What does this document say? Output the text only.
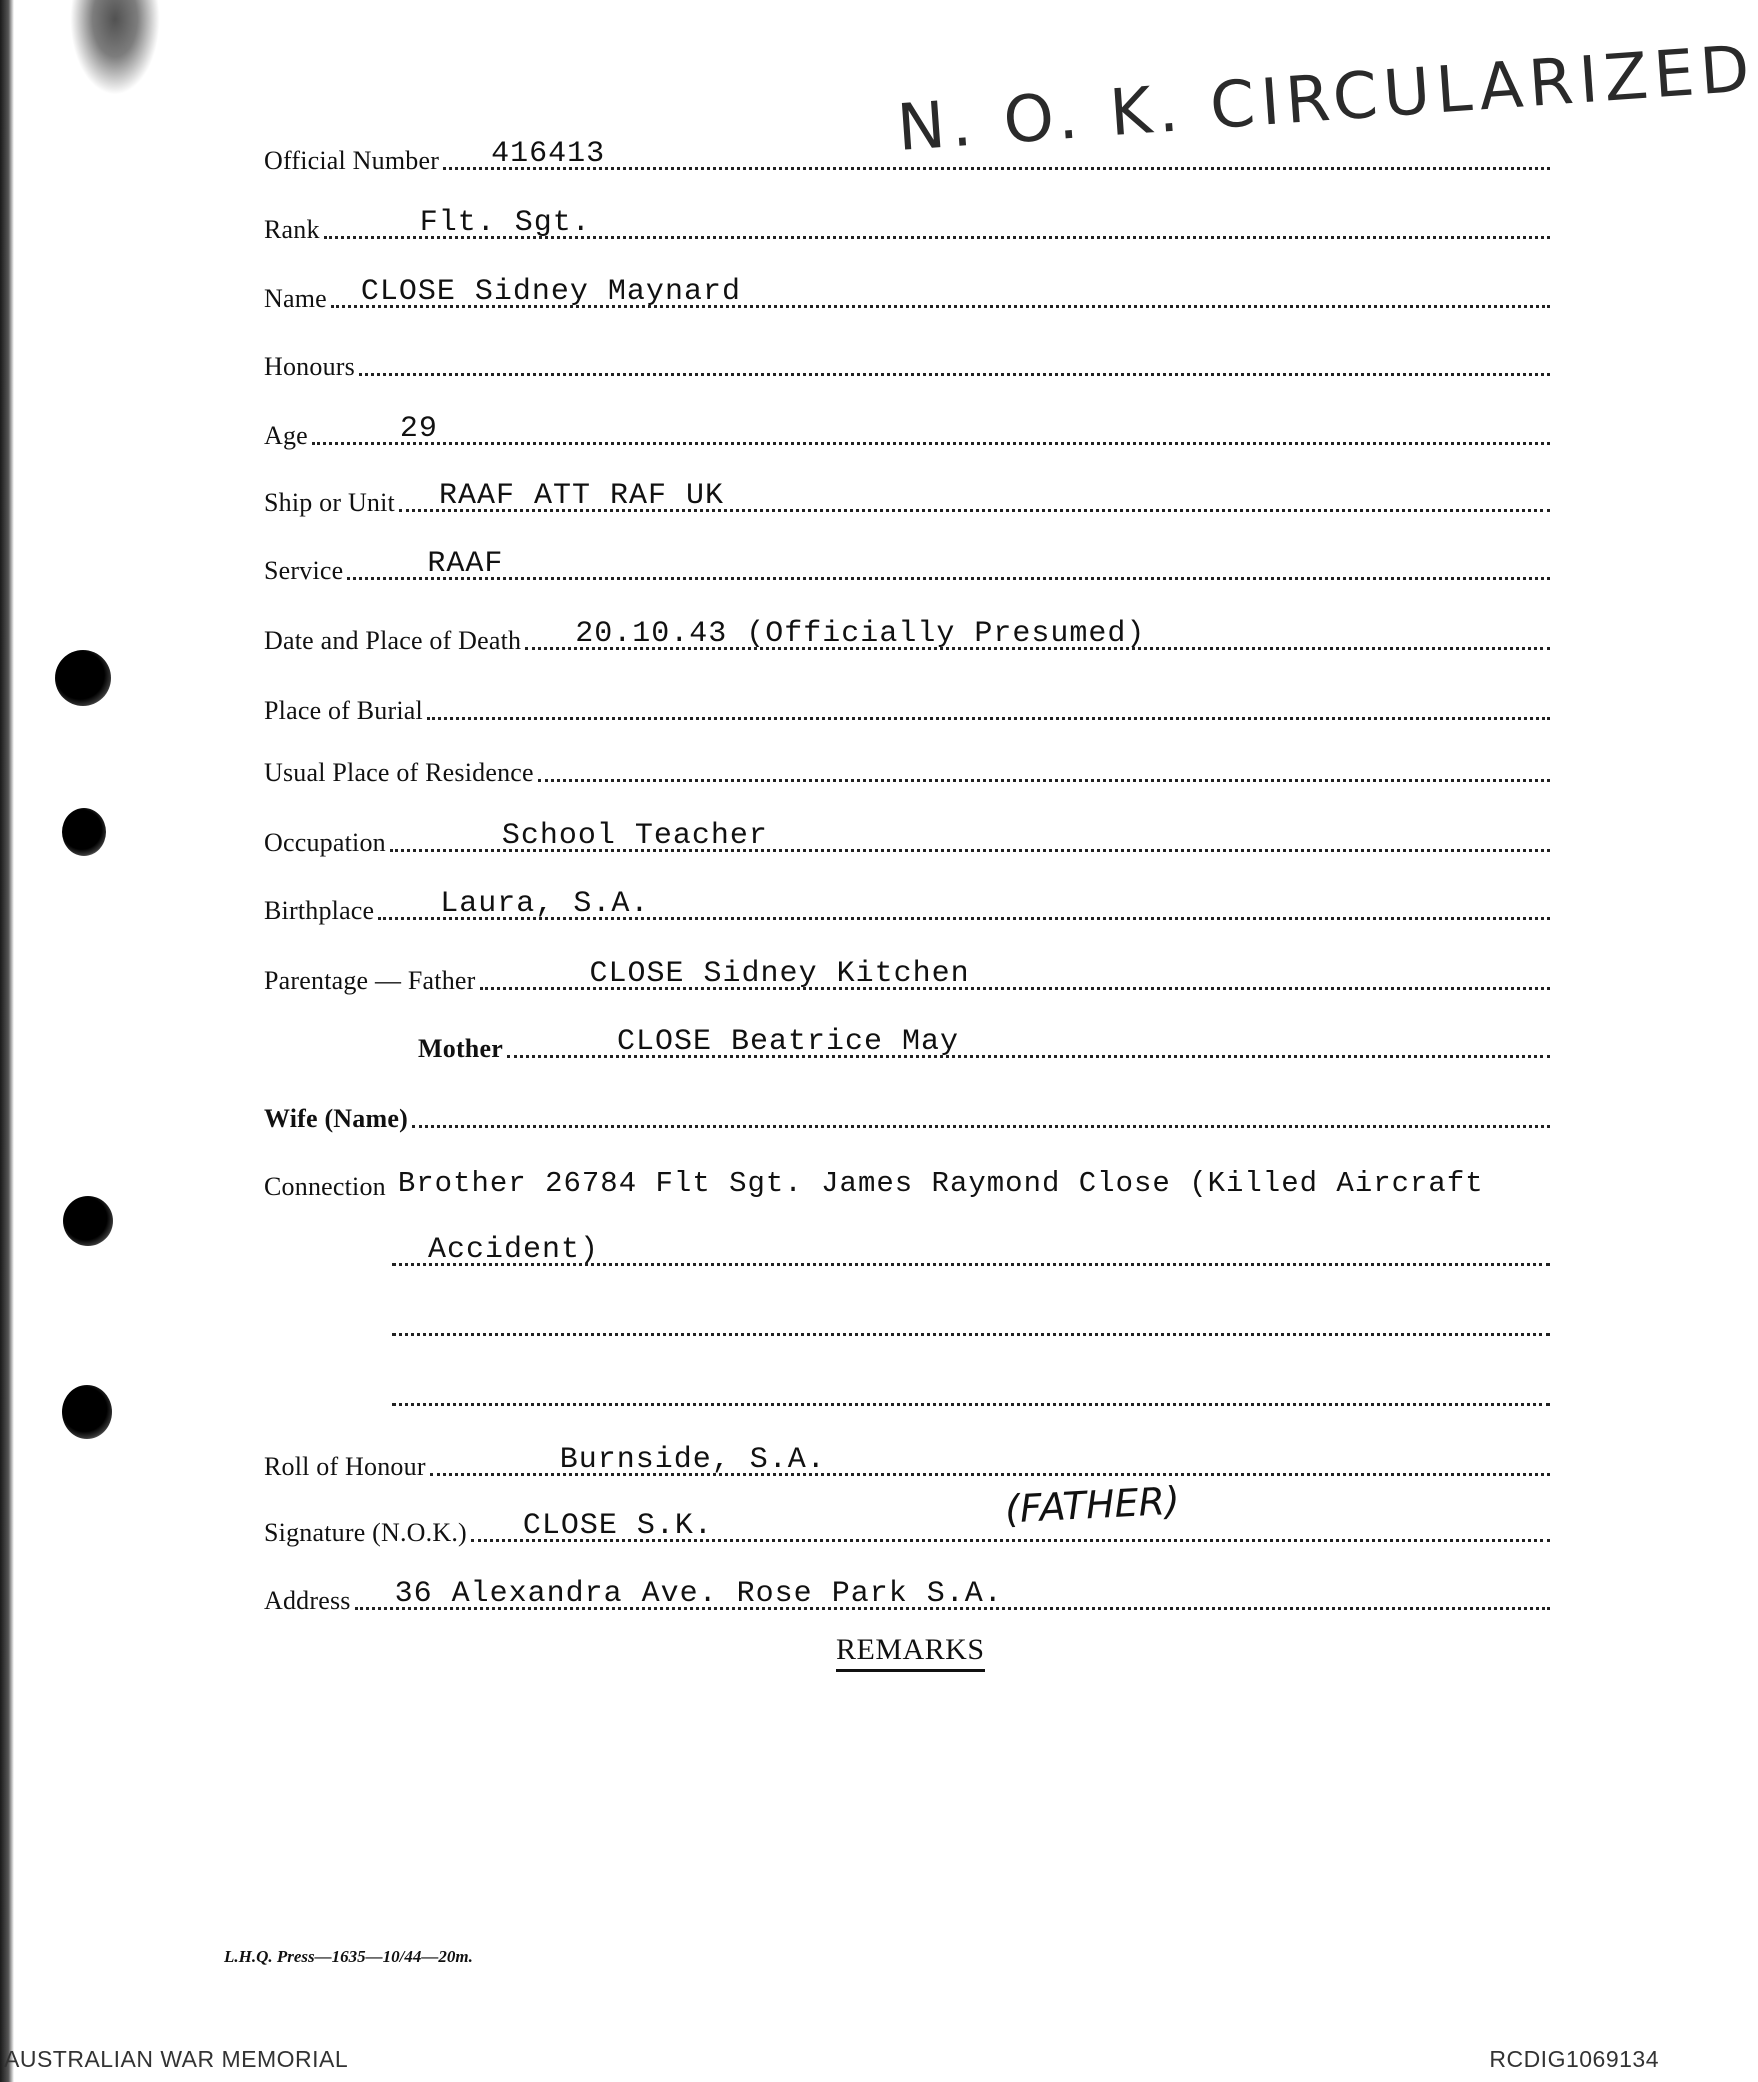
N. O. K. CIRCULARIZED
Official Number 416413
Rank	Flt. Sgt.
Name CLOSE Sidney Maynard
Honours
Age	29
Ship or Unit RAAF ATT RAF UK
Service	RAAF
Date and Place of Death 20.10.43 (Officially Presumed)
Place of Burial
Usual Place of Residence
Occupation	School Teacher
Birthplace Laura, S.A.
Parentage — Father	CLOSE Sidney Kitchen
Mother	CLOSE Beatrice May
Wife (Name)
Connection Brother 26784 Flt Sgt. James Raymond Close (Killed Aircraft
Accident)
Roll of Honour	Burnside, S.A.
Signature (N.O.K.) CLOSE S.K.	(FATHER)
Address 36 Alexandra Ave. Rose Park S.A.
REMARKS
L.H.Q. Press—1635—10/44—20m.
AUSTRALIAN WAR MEMORIAL	RCDIG1069134
